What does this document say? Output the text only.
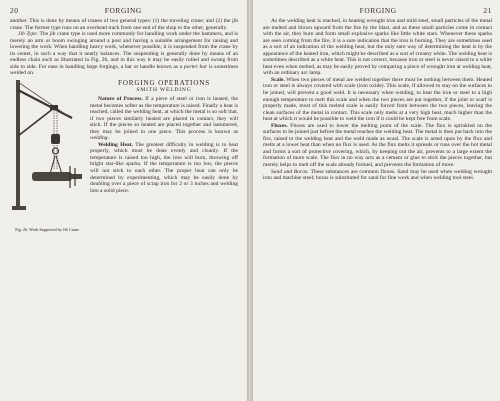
20	FORGING

another. This is done by means of cranes of two general types: (1) the traveling crane; and (2) the jib crane. The former type runs on an overhead track from one end of the shop to the other, generally.

Jib Type. The jib crane type is used more commonly for handling work under the hammers, and is merely an arm or boom swinging around a post and having a suitable arrangement for raising and lowering the work. When handling heavy work, whenever possible, it is suspended from the crane by its center, in such a way that it nearly balances. The suspending is generally done by means of an endless chain such as illustrated in Fig. 26, and in this way it may be easily rolled and swung from side to side. For ease in handling large forgings, a bar or handle known as a porter bar is sometimes welded on.

Fig. 26. Work Supported by Jib Crane
FORGING OPERATIONS
SMITH WELDING

Nature of Process. If a piece of steel or iron is heated, the metal becomes softer as the temperature is raised. Finally a heat is reached, called the welding heat, at which the metal is so soft that, if two pieces similarly heated are placed in contact, they will stick. If the pieces so heated are placed together and hammered, they may be joined in one piece. This process is known as welding.

Welding Heat. The greatest difficulty in welding is to heat properly, which must be done evenly and cleanly. If the temperature is raised too high, the iron will burn, throwing off bright star-like sparks. If the temperature is too low, the pieces will not stick to each other. The proper heat can only be determined by experimenting, which may be easily done by doubling over a piece of scrap iron for 2 or 3 inches and welding into a solid piece.

FORGING	21

As the welding heat is reached, in heating wrought iron and mild steel, small particles of the metal are melted and blown upward from the fire by the blast, and as these small particles come in contact with the air, they burn and form small explosive sparks like little white stars. Whenever these sparks are seen coming from the fire, it is a sure indication that the iron is burning. They are sometimes used as a sort of an indication of the welding heat, but the only sure way of determining the heat is by the appearance of the heated iron, which might be described as a sort of creamy white. The welding heat is sometimes described as a white heat. This is not correct, because iron or steel is never raised to a white heat even when melted, as may be easily proved by comparing a piece of wrought iron at welding heat, with an ordinary arc lamp.

Scale. When two pieces of metal are welded together there must be nothing between them. Heated iron or steel is always covered with scale (iron oxide). This scale, if allowed to stay on the surfaces to be joined, will prevent a good weld. It is necessary when welding, to heat the iron or steel to a high enough temperature to melt this scale and when the two pieces are put together, if the joint or scarf is properly made, most of this melted scale is easily forced from between the two pieces, leaving the clean surfaces of the metal in contact. This scale only melts at a very high heat, much higher than the heat at which it would be possible to weld the iron if it could be kept free from scale.

Fluxes. Fluxes are used to lower the melting point of the scale. The flux is sprinkled on the surfaces to be joined just before the metal reaches the welding heat. The metal is then put back into the fire, raised to the welding heat and the weld made as usual. The scale is acted upon by the flux and melts at a lower heat than when no flux is used. As the flux melts it spreads or runs over the hot metal and forms a sort of protective covering, which, by keeping out the air, prevents to a large extent the formation of more scale. The flux in no way acts as a cement or glue to stick the pieces together, but merely helps to melt off the scale already formed, and prevents the formation of more.

Sand and Borax. These substances are common fluxes. Sand may be used when welding wrought iron and machine steel; borax is substituted for sand for fine work and when welding tool steel.
